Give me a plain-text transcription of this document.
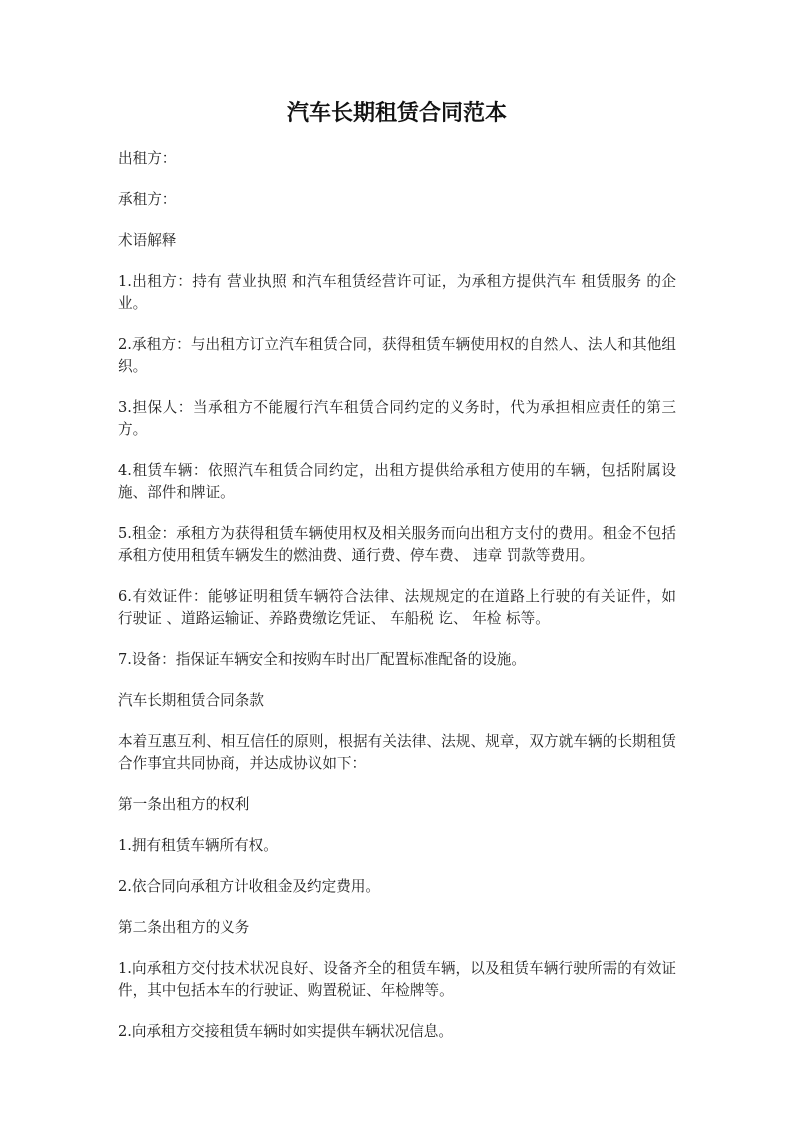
汽车长期租赁合同范本

出租方：

承租方：

术语解释

1.出租方：持有 营业执照 和汽车租赁经营许可证，为承租方提供汽车 租赁服务 的企业。

2.承租方：与出租方订立汽车租赁合同，获得租赁车辆使用权的自然人、法人和其他组织。

3.担保人：当承租方不能履行汽车租赁合同约定的义务时，代为承担相应责任的第三方。

4.租赁车辆：依照汽车租赁合同约定，出租方提供给承租方使用的车辆，包括附属设施、部件和牌证。

5.租金：承租方为获得租赁车辆使用权及相关服务而向出租方支付的费用。租金不包括承租方使用租赁车辆发生的燃油费、通行费、停车费、 违章 罚款等费用。

6.有效证件：能够证明租赁车辆符合法律、法规规定的在道路上行驶的有关证件，如 行驶证 、道路运输证、养路费缴讫凭证、 车船税 讫、 年检 标等。

7.设备：指保证车辆安全和按购车时出厂配置标准配备的设施。

汽车长期租赁合同条款

本着互惠互利、相互信任的原则，根据有关法律、法规、规章，双方就车辆的长期租赁合作事宜共同协商，并达成协议如下：

第一条出租方的权利

1.拥有租赁车辆所有权。

2.依合同向承租方计收租金及约定费用。

第二条出租方的义务

1.向承租方交付技术状况良好、设备齐全的租赁车辆，以及租赁车辆行驶所需的有效证件，其中包括本车的行驶证、购置税证、年检牌等。

2.向承租方交接租赁车辆时如实提供车辆状况信息。
